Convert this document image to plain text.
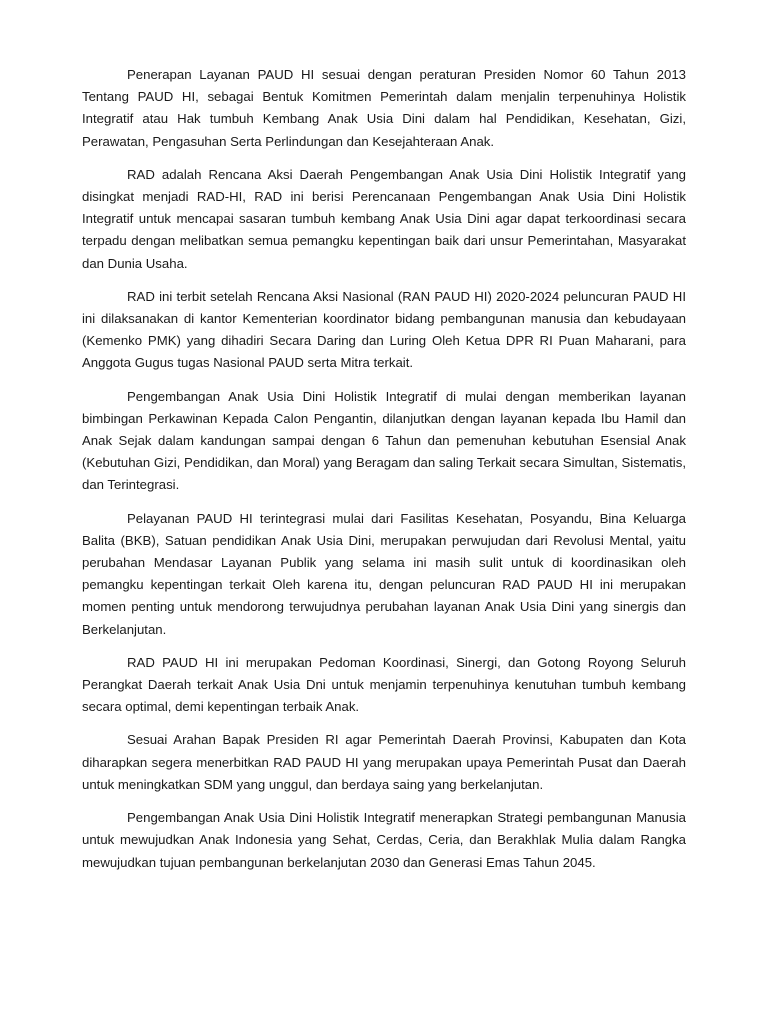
Penerapan Layanan PAUD HI sesuai dengan peraturan Presiden Nomor 60 Tahun 2013 Tentang PAUD HI, sebagai Bentuk Komitmen Pemerintah dalam menjalin terpenuhinya Holistik Integratif atau Hak tumbuh Kembang Anak Usia Dini dalam hal Pendidikan, Kesehatan, Gizi, Perawatan, Pengasuhan Serta Perlindungan dan Kesejahteraan Anak.

RAD adalah Rencana Aksi Daerah Pengembangan Anak Usia Dini Holistik Integratif yang disingkat menjadi RAD-HI, RAD ini berisi Perencanaan Pengembangan Anak Usia Dini Holistik Integratif untuk mencapai sasaran tumbuh kembang Anak Usia Dini agar dapat terkoordinasi secara terpadu dengan melibatkan semua pemangku kepentingan baik dari unsur Pemerintahan, Masyarakat dan Dunia Usaha.

RAD ini terbit setelah Rencana Aksi Nasional (RAN PAUD HI) 2020-2024 peluncuran PAUD HI ini dilaksanakan di kantor Kementerian koordinator bidang pembangunan manusia dan kebudayaan (Kemenko PMK) yang dihadiri Secara Daring dan Luring Oleh Ketua DPR RI Puan Maharani, para Anggota Gugus tugas Nasional PAUD serta Mitra terkait.

Pengembangan Anak Usia Dini Holistik Integratif di mulai dengan memberikan layanan bimbingan Perkawinan Kepada Calon Pengantin, dilanjutkan dengan layanan kepada Ibu Hamil dan Anak Sejak dalam kandungan sampai dengan 6 Tahun dan pemenuhan kebutuhan Esensial Anak (Kebutuhan Gizi, Pendidikan, dan Moral) yang Beragam dan saling Terkait secara Simultan, Sistematis, dan Terintegrasi.

Pelayanan PAUD HI terintegrasi mulai dari Fasilitas Kesehatan, Posyandu, Bina Keluarga Balita (BKB), Satuan pendidikan Anak Usia Dini, merupakan perwujudan dari Revolusi Mental, yaitu perubahan Mendasar Layanan Publik yang selama ini masih sulit untuk di koordinasikan oleh pemangku kepentingan terkait Oleh karena itu, dengan peluncuran RAD PAUD HI ini merupakan momen penting untuk mendorong terwujudnya perubahan layanan Anak Usia Dini yang sinergis dan Berkelanjutan.

RAD PAUD HI ini merupakan Pedoman Koordinasi, Sinergi, dan Gotong Royong Seluruh Perangkat Daerah terkait Anak Usia Dni untuk menjamin terpenuhinya kenutuhan tumbuh kembang secara optimal, demi kepentingan terbaik Anak.

Sesuai Arahan Bapak Presiden RI agar Pemerintah Daerah Provinsi, Kabupaten dan Kota diharapkan segera menerbitkan RAD PAUD HI yang merupakan upaya Pemerintah Pusat dan Daerah untuk meningkatkan SDM yang unggul, dan berdaya saing yang berkelanjutan.

Pengembangan Anak Usia Dini Holistik Integratif menerapkan Strategi pembangunan Manusia untuk mewujudkan Anak Indonesia yang Sehat, Cerdas, Ceria, dan Berakhlak Mulia dalam Rangka mewujudkan tujuan pembangunan berkelanjutan 2030 dan Generasi Emas Tahun 2045.
